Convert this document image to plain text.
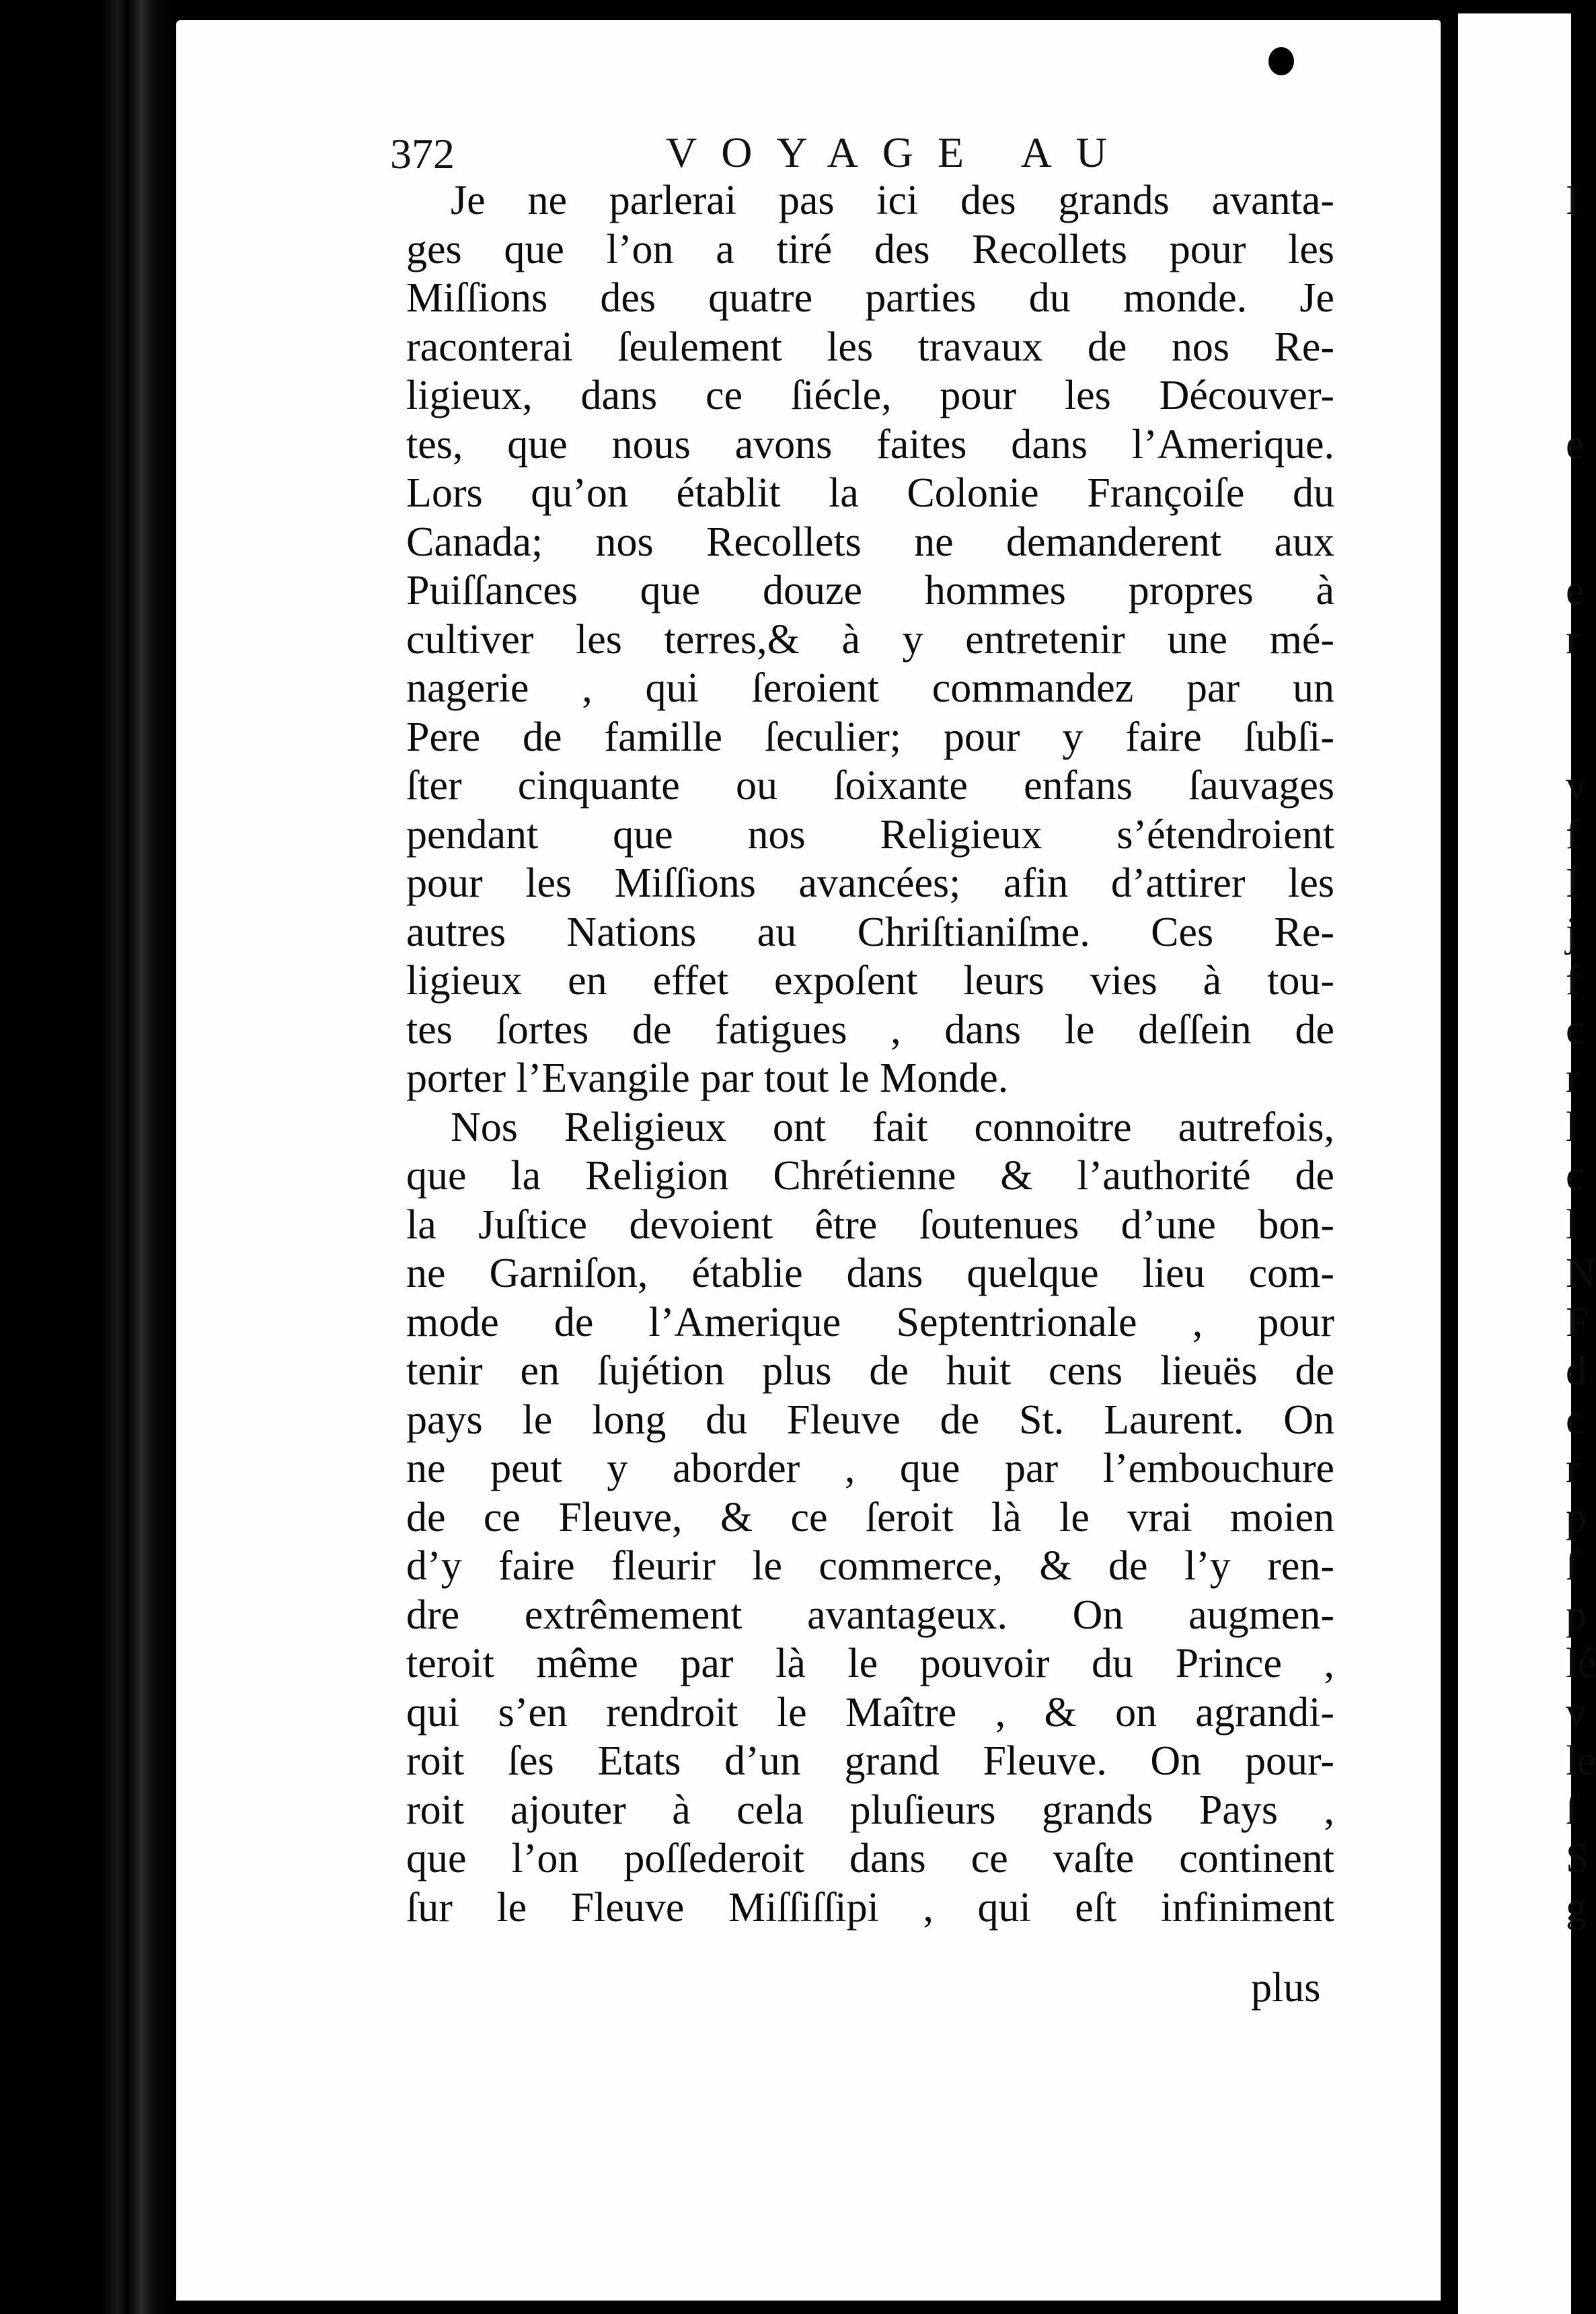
I
e
e
r
v
f
I
j
f
c
r
l
c
l
N
F
d
c
r
p
ſ
p
lé
v
le
ſ
S
g
372	VOYAGE AU
Je ne parlerai pas ici des grands avanta-
ges que l’on a tiré des Recollets pour les
Miſſions des quatre parties du monde. Je
raconterai ſeulement les travaux de nos Re-
ligieux, dans ce ſiécle, pour les Découver-
tes, que nous avons faites dans l’Amerique.
Lors qu’on établit la Colonie Françoiſe du
Canada; nos Recollets ne demanderent aux
Puiſſances que douze hommes propres à
cultiver les terres,& à y entretenir une mé-
nagerie , qui ſeroient commandez par un
Pere de famille ſeculier; pour y faire ſubſi-
ſter cinquante ou ſoixante enfans ſauvages
pendant que nos Religieux s’étendroient
pour les Miſſions avancées; afin d’attirer les
autres Nations au Chriſtianiſme. Ces Re-
ligieux en effet expoſent leurs vies à tou-
tes ſortes de fatigues , dans le deſſein de
porter l’Evangile par tout le Monde.
Nos Religieux ont fait connoitre autrefois,
que la Religion Chrétienne & l’authorité de
la Juſtice devoient être ſoutenues d’une bon-
ne Garniſon, établie dans quelque lieu com-
mode de l’Amerique Septentrionale , pour
tenir en ſujétion plus de huit cens lieuës de
pays le long du Fleuve de St. Laurent. On
ne peut y aborder , que par l’embouchure
de ce Fleuve, & ce ſeroit là le vrai moien
d’y faire fleurir le commerce, & de l’y ren-
dre extrêmement avantageux. On augmen-
teroit même par là le pouvoir du Prince ,
qui s’en rendroit le Maître , & on agrandi-
roit ſes Etats d’un grand Fleuve. On pour-
roit ajouter à cela pluſieurs grands Pays ,
que l’on poſſederoit dans ce vaſte continent
ſur le Fleuve Miſſiſſipi , qui eſt infiniment
plus
